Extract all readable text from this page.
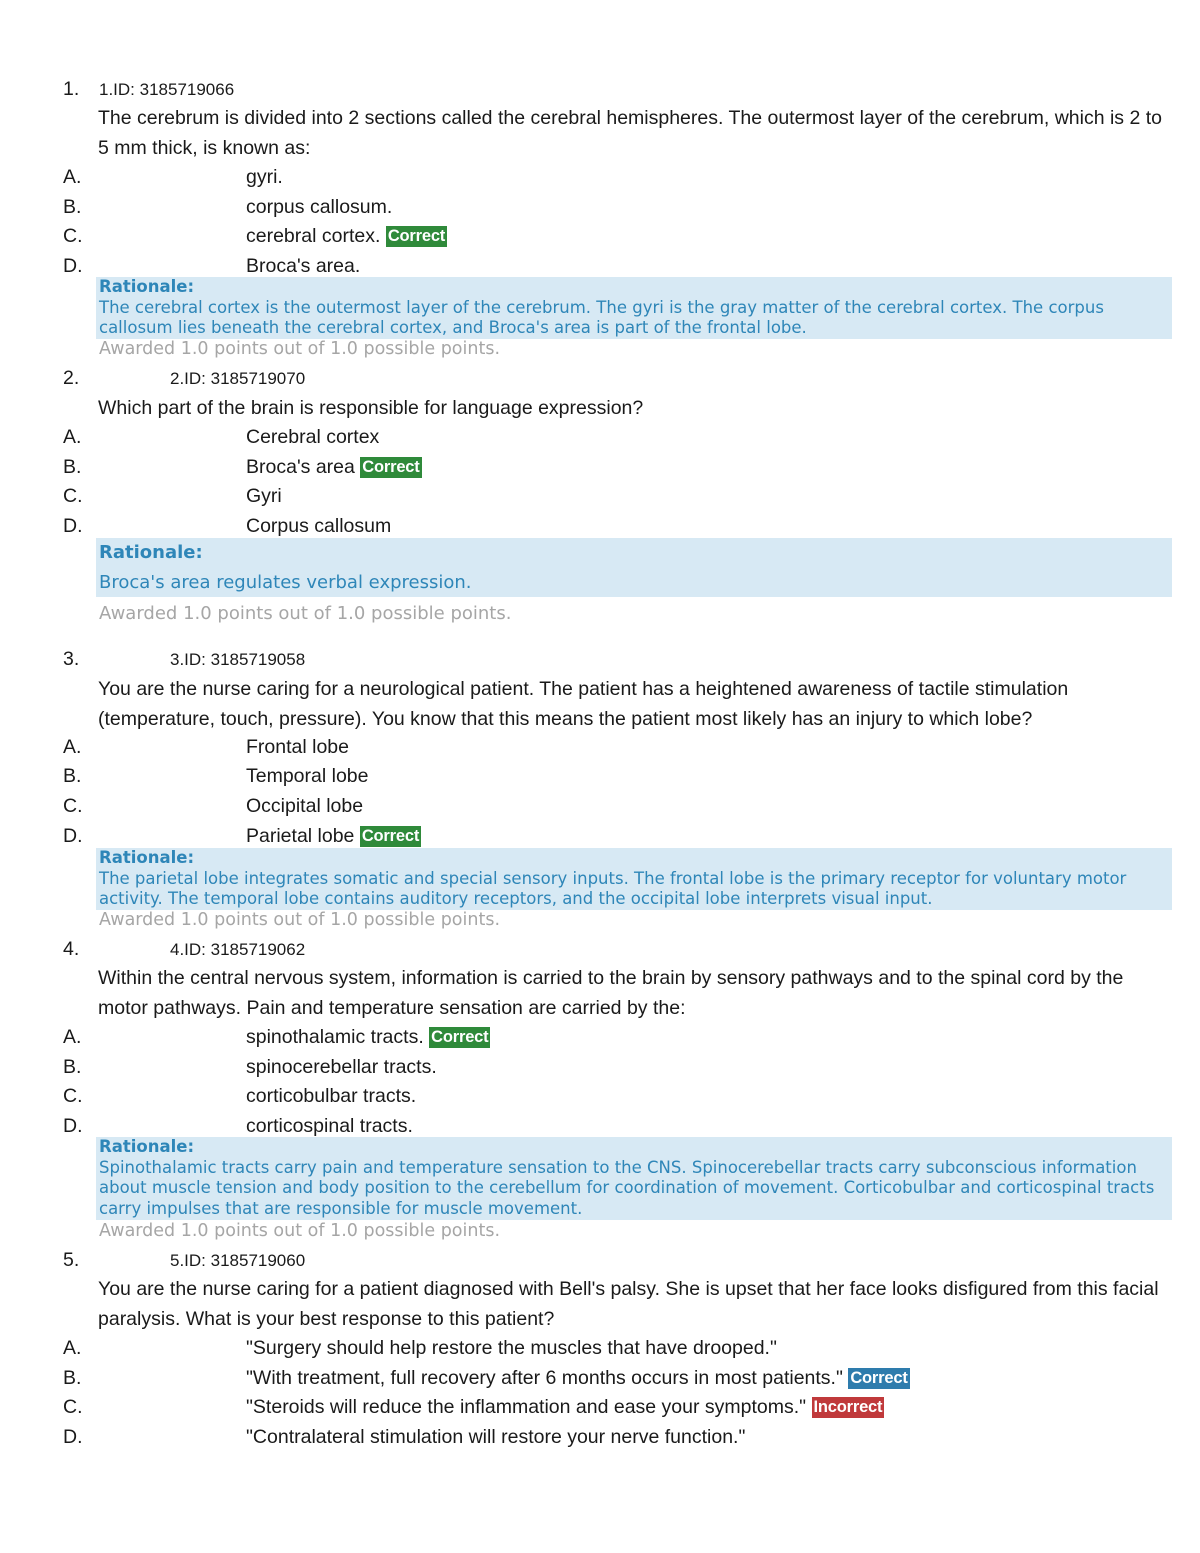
1. 1.ID: 3185719066
The cerebrum is divided into 2 sections called the cerebral hemispheres. The outermost layer of the cerebrum, which is 2 to 5 mm thick, is known as:
A.	gyri.
B.	corpus callosum.
C.	cerebral cortex. Correct
D.	Broca's area.
Rationale:
The cerebral cortex is the outermost layer of the cerebrum. The gyri is the gray matter of the cerebral cortex. The corpus callosum lies beneath the cerebral cortex, and Broca's area is part of the frontal lobe.
Awarded 1.0 points out of 1.0 possible points.
2.	2.ID: 3185719070
Which part of the brain is responsible for language expression?
A.	Cerebral cortex
B.	Broca's area Correct
C.	Gyri
D.	Corpus callosum
Rationale:
Broca's area regulates verbal expression.
Awarded 1.0 points out of 1.0 possible points.
3.	3.ID: 3185719058
You are the nurse caring for a neurological patient. The patient has a heightened awareness of tactile stimulation (temperature, touch, pressure). You know that this means the patient most likely has an injury to which lobe?
A.	Frontal lobe
B.	Temporal lobe
C.	Occipital lobe
D.	Parietal lobe Correct
Rationale:
The parietal lobe integrates somatic and special sensory inputs. The frontal lobe is the primary receptor for voluntary motor activity. The temporal lobe contains auditory receptors, and the occipital lobe interprets visual input.
Awarded 1.0 points out of 1.0 possible points.
4.	4.ID: 3185719062
Within the central nervous system, information is carried to the brain by sensory pathways and to the spinal cord by the motor pathways. Pain and temperature sensation are carried by the:
A.	spinothalamic tracts. Correct
B.	spinocerebellar tracts.
C.	corticobulbar tracts.
D.	corticospinal tracts.
Rationale:
Spinothalamic tracts carry pain and temperature sensation to the CNS. Spinocerebellar tracts carry subconscious information about muscle tension and body position to the cerebellum for coordination of movement. Corticobulbar and corticospinal tracts carry impulses that are responsible for muscle movement.
Awarded 1.0 points out of 1.0 possible points.
5.	5.ID: 3185719060
You are the nurse caring for a patient diagnosed with Bell's palsy. She is upset that her face looks disfigured from this facial paralysis. What is your best response to this patient?
A.	"Surgery should help restore the muscles that have drooped."
B.	"With treatment, full recovery after 6 months occurs in most patients." Correct
C.	"Steroids will reduce the inflammation and ease your symptoms." Incorrect
D.	"Contralateral stimulation will restore your nerve function."
